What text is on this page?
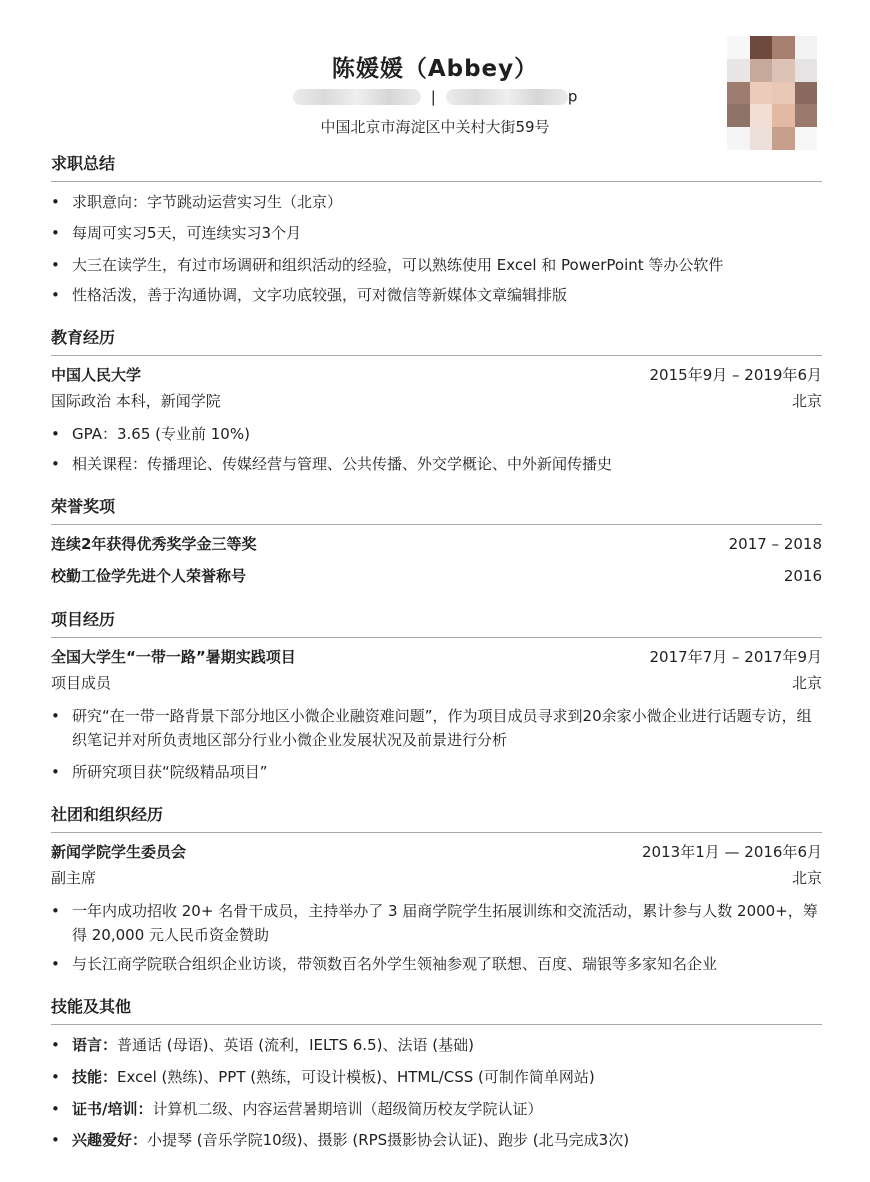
陈媛媛（Abbey）
|	p
中国北京市海淀区中关村大街59号
求职总结
• 求职意向：字节跳动运营实习生（北京）
• 每周可实习5天，可连续实习3个月
• 大三在读学生，有过市场调研和组织活动的经验，可以熟练使用 Excel 和 PowerPoint 等办公软件
• 性格活泼，善于沟通协调，文字功底较强，可对微信等新媒体文章编辑排版
教育经历
中国人民大学	2015年9月 – 2019年6月
国际政治 本科，新闻学院	北京
• GPA：3.65 (专业前 10%)
• 相关课程：传播理论、传媒经营与管理、公共传播、外交学概论、中外新闻传播史
荣誉奖项
连续2年获得优秀奖学金三等奖	2017 – 2018
校勤工俭学先进个人荣誉称号	2016
项目经历
全国大学生“一带一路”暑期实践项目	2017年7月 – 2017年9月
项目成员	北京
• 研究“在一带一路背景下部分地区小微企业融资难问题”，作为项目成员寻求到20余家小微企业进行话题专访，组织笔记并对所负责地区部分行业小微企业发展状况及前景进行分析
• 所研究项目获“院级精品项目”
社团和组织经历
新闻学院学生委员会	2013年1月 — 2016年6月
副主席	北京
• 一年内成功招收 20+ 名骨干成员，主持举办了 3 届商学院学生拓展训练和交流活动，累计参与人数 2000+，筹得 20,000 元人民币资金赞助
• 与长江商学院联合组织企业访谈，带领数百名外学生领袖参观了联想、百度、瑞银等多家知名企业
技能及其他
• 语言：普通话 (母语)、英语 (流利，IELTS 6.5)、法语 (基础)
• 技能：Excel (熟练)、PPT (熟练，可设计模板)、HTML/CSS (可制作简单网站)
• 证书/培训：计算机二级、内容运营暑期培训（超级简历校友学院认证）
• 兴趣爱好：小提琴 (音乐学院10级)、摄影 (RPS摄影协会认证)、跑步 (北马完成3次)
